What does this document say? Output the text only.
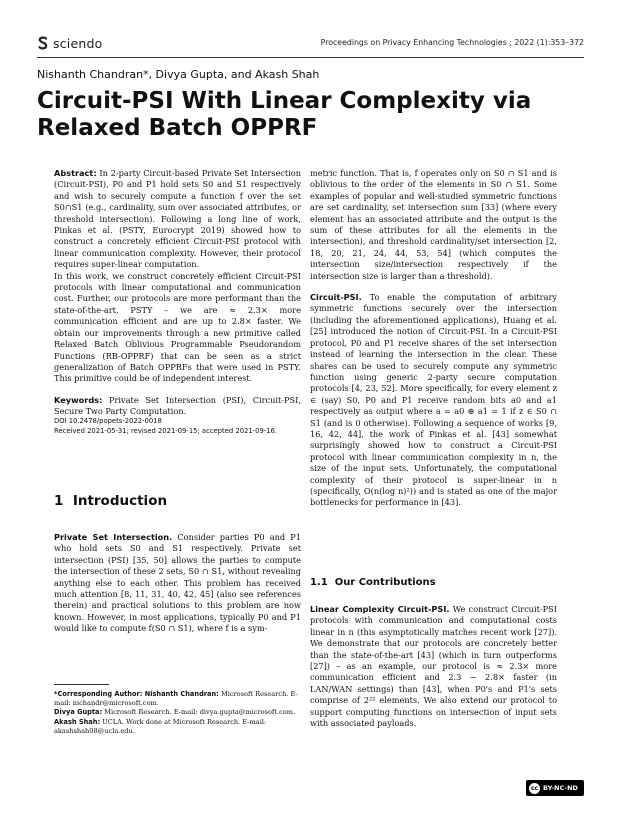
sciendo	Proceedings on Privacy Enhancing Technologies ; 2022 (1):353–372
Nishanth Chandran*, Divya Gupta, and Akash Shah
Circuit-PSI With Linear Complexity via Relaxed Batch OPPRF

Abstract: In 2-party Circuit-based Private Set Intersection (Circuit-PSI), P0 and P1 hold sets S0 and S1 respectively and wish to securely compute a function f over the set S0∩S1 (e.g., cardinality, sum over associated attributes, or threshold intersection). Following a long line of work, Pinkas et al. (PSTY, Eurocrypt 2019) showed how to construct a concretely efficient Circuit-PSI protocol with linear communication complexity. However, their protocol requires super-linear computation.

In this work, we construct concretely efficient Circuit-PSI protocols with linear computational and communication cost. Further, our protocols are more performant than the state-of-the-art, PSTY – we are ≈ 2.3× more communication efficient and are up to 2.8× faster. We obtain our improvements through a new primitive called Relaxed Batch Oblivious Programmable Pseudorandom Functions (RB-OPPRF) that can be seen as a strict generalization of Batch OPPRFs that were used in PSTY. This primitive could be of independent interest.

Keywords: Private Set Intersection (PSI), Circuit-PSI, Secure Two Party Computation.

DOI 10.2478/popets-2022-0018
Received 2021-05-31; revised 2021-09-15; accepted 2021-09-16.
1 Introduction

Private Set Intersection. Consider parties P0 and P1 who hold sets S0 and S1 respectively. Private set intersection (PSI) [35, 50] allows the parties to compute the intersection of these 2 sets, S0 ∩ S1, without revealing anything else to each other. This problem has received much attention [8, 11, 31, 40, 42, 45] (also see references therein) and practical solutions to this problem are now known. However, in most applications, typically P0 and P1 would like to compute f(S0 ∩ S1), where f is a sym-

*Corresponding Author: Nishanth Chandran: Microsoft Research. E-mail: nichandr@microsoft.com.
Divya Gupta: Microsoft Research. E-mail: divya.gupta@microsoft.com.
Akash Shah: UCLA. Work done at Microsoft Research. E-mail: akashshah08@ucla.edu.

metric function. That is, f operates only on S0 ∩ S1 and is oblivious to the order of the elements in S0 ∩ S1. Some examples of popular and well-studied symmetric functions are set cardinality, set intersection sum [33] (where every element has an associated attribute and the output is the sum of these attributes for all the elements in the intersection), and threshold cardinality/set intersection [2, 18, 20, 21, 24, 44, 53, 54] (which computes the intersection size/intersection respectively if the intersection size is larger than a threshold).

Circuit-PSI. To enable the computation of arbitrary symmetric functions securely over the intersection (including the aforementioned applications), Huang et al. [25] introduced the notion of Circuit-PSI. In a Circuit-PSI protocol, P0 and P1 receive shares of the set intersection instead of learning the intersection in the clear. These shares can be used to securely compute any symmetric function using generic 2-party secure computation protocols [4, 23, 52]. More specifically, for every element z ∈ (say) S0, P0 and P1 receive random bits a0 and a1 respectively as output where a = a0 ⊕ a1 = 1 if z ∈ S0 ∩ S1 (and is 0 otherwise). Following a sequence of works [9, 16, 42, 44], the work of Pinkas et al. [43] somewhat surprisingly showed how to construct a Circuit-PSI protocol with linear communication complexity in n, the size of the input sets. Unfortunately, the computational complexity of their protocol is super-linear in n (specifically, O(n(log n)²)) and is stated as one of the major bottlenecks for performance in [43].

1.1 Our Contributions

Linear Complexity Circuit-PSI. We construct Circuit-PSI protocols with communication and computational costs linear in n (this asymptotically matches recent work [27]). We demonstrate that our protocols are concretely better than the state-of-the-art [43] (which in turn outperforms [27]) – as an example, our protocol is ≈ 2.3× more communication efficient and 2.3 − 2.8× faster (in LAN/WAN settings) than [43], when P0's and P1's sets comprise of 2²² elements. We also extend our protocol to support computing functions on intersection of input sets with associated payloads.

cc BY-NC-ND
